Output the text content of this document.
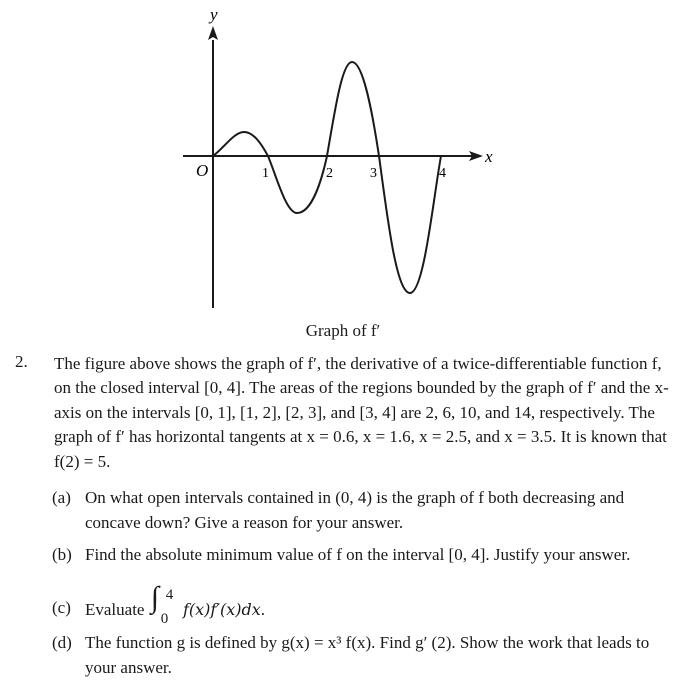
y
x
O	1	2	3	4
Graph of f′
2. The figure above shows the graph of f′, the derivative of a twice-differentiable function f, on the closed interval [0, 4]. The areas of the regions bounded by the graph of f′ and the x-axis on the intervals [0, 1], [1, 2], [2, 3], and [3, 4] are 2, 6, 10, and 14, respectively. The graph of f′ has horizontal tangents at x = 0.6, x = 1.6, x = 2.5, and x = 3.5. It is known that f(2) = 5.
(a) On what open intervals contained in (0, 4) is the graph of f both decreasing and concave down? Give a reason for your answer.
(b) Find the absolute minimum value of f on the interval [0, 4]. Justify your answer.
(c) Evaluate ∫ 4
0 f(x)f′(x)dx.
(d) The function g is defined by g(x) = x³ f(x). Find g′ (2). Show the work that leads to your answer.
